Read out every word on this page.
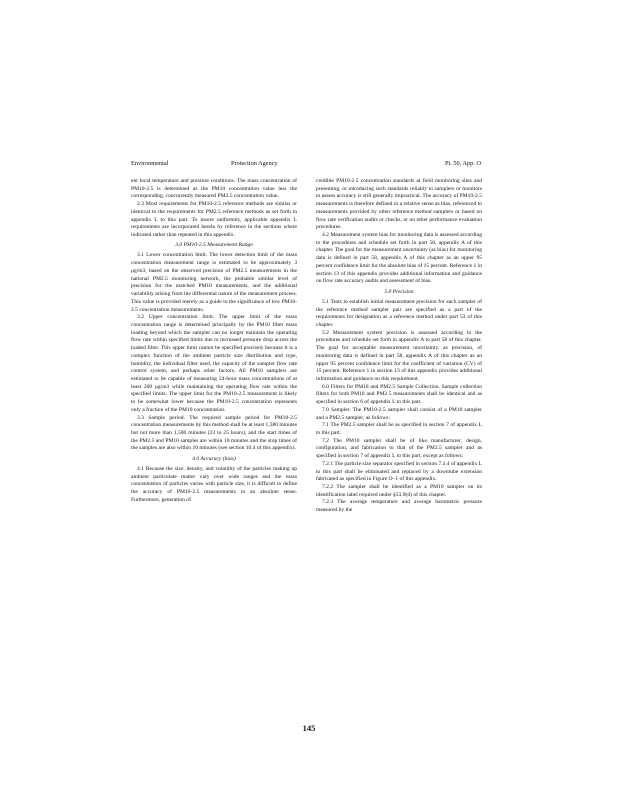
Environmental	Protection Agency	Pt. 50, App. O

ent local temperature and pressure conditions. The mass concentration of PM10-2.5 is determined as the PM10 concentration value less the corresponding, concurrently measured PM2.5 concentration value.

2.3 Most requirements for PM10-2.5 reference methods are similar or identical to the requirements for PM2.5 reference methods as set forth in appendix L to this part. To insure uniformity, applicable appendix L requirements are incorporated herein by reference in the sections where indicated rather than repeated in this appendix.

3.0 PM10-2.5 Measurement Range

3.1 Lower concentration limit. The lower detection limit of the mass concentration measurement range is estimated to be approximately 3 μg/m3, based on the observed precision of PM2.5 measurements in the national PM2.5 monitoring network, the probable similar level of precision for the matched PM10 measurements, and the additional variability arising from the differential nature of the measurement process. This value is provided merely as a guide to the significance of low PM10-2.5 concentration measurements.

3.2 Upper concentration limit. The upper limit of the mass concentration range is determined principally by the PM10 filter mass loading beyond which the sampler can no longer maintain the operating flow rate within specified limits due to increased pressure drop across the loaded filter. This upper limit cannot be specified precisely because it is a complex function of the ambient particle size distribution and type, humidity, the individual filter used, the capacity of the sampler flow rate control system, and perhaps other factors. All PM10 samplers are estimated to be capable of measuring 24-hour mass concentrations of at least 200 μg/m3 while maintaining the operating flow rate within the specified limits. The upper limit for the PM10-2.5 measurement is likely to be somewhat lower because the PM10-2.5 concentration represents only a fraction of the PM10 concentration.

3.3 Sample period. The required sample period for PM10-2.5 concentration measurements by this method shall be at least 1,380 minutes but not more than 1,500 minutes (23 to 25 hours), and the start times of the PM2.5 and PM10 samples are within 10 minutes and the stop times of the samples are also within 10 minutes (see section 10.4 of this appendix).

4.0 Accuracy (bias)

4.1 Because the size, density, and volatility of the particles making up ambient particulate matter vary over wide ranges and the mass concentration of particles varies with particle size, it is difficult to define the accuracy of PM10-2.5 measurements in an absolute sense. Furthermore, generation of

credible PM10-2.5 concentration standards at field monitoring sites and presenting, or introducing such standards reliably to samplers or monitors to assess accuracy is still generally impractical. The accuracy of PM10-2.5 measurements is therefore defined in a relative sense as bias, referenced to measurements provided by other reference method samplers or based on flow rate verification audits or checks, or on other performance evaluation procedures.

4.2 Measurement system bias for monitoring data is assessed according to the procedures and schedule set forth in part 58, appendix A of this chapter. The goal for the measurement uncertainty (as bias) for monitoring data is defined in part 58, appendix A of this chapter as an upper 95 percent confidence limit for the absolute bias of 15 percent. Reference 1 in section 13 of this appendix provides additional information and guidance on flow rate accuracy audits and assessment of bias.

5.0 Precision

5.1 Tests to establish initial measurement precision for each sampler of the reference method sampler pair are specified as a part of the requirements for designation as a reference method under part 53 of this chapter.

5.2 Measurement system precision is assessed according to the procedures and schedule set forth in appendix A to part 58 of this chapter. The goal for acceptable measurement uncertainty, as precision, of monitoring data is defined in part 58, appendix A of this chapter as an upper 95 percent confidence limit for the coefficient of variation (CV) of 15 percent. Reference 1 in section 13 of this appendix provides additional information and guidance on this requirement.

6.0 Filters for PM10 and PM2.5 Sample Collection. Sample collection filters for both PM10 and PM2.5 measurements shall be identical and as specified in section 6 of appendix L to this part.

7.0 Sampler. The PM10-2.5 sampler shall consist of a PM10 sampler and a PM2.5 sampler, as follows:

7.1 The PM2.5 sampler shall be as specified in section 7 of appendix L to this part.

7.2 The PM10 sampler shall be of like manufacturer, design, configuration, and fabrication to that of the PM2.5 sampler and as specified in section 7 of appendix L to this part, except as follows:

7.2.1 The particle size separator specified in section 7.3.4 of appendix L to this part shall be eliminated and replaced by a downtube extension fabricated as specified in Figure O–1 of this appendix.

7.2.2 The sampler shall be identified as a PM10 sampler on its identification label required under §53.9(d) of this chapter.

7.2.3 The average temperature and average barometric pressure measured by the

145
